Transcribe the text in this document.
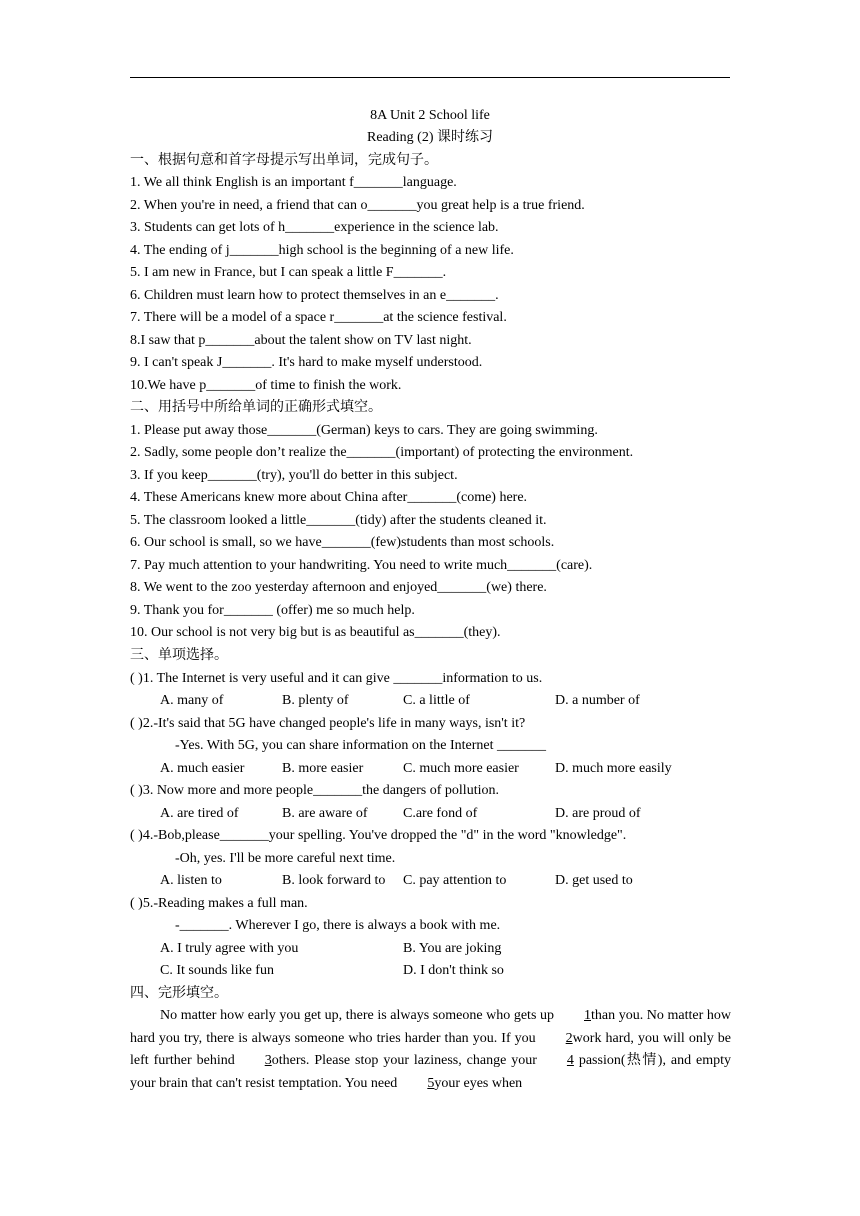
8A Unit 2 School life
Reading (2) 课时练习
一、根据句意和首字母提示写出单词，完成句子。
1. We all think English is an important f_______language.
2. When you're in need, a friend that can o_______you great help is a true friend.
3. Students can get lots of h_______experience in the science lab.
4. The ending of j_______high school is the beginning of a new life.
5. I am new in France, but I can speak a little F_______.
6. Children must learn how to protect themselves in an e_______.
7. There will be a model of a space r_______at the science festival.
8.I saw that p_______about the talent show on TV last night.
9. I can't speak J_______. It's hard to make myself understood.
10.We have p_______of time to finish the work.
二、用括号中所给单词的正确形式填空。
1. Please put away those_______(German) keys to cars. They are going swimming.
2. Sadly, some people don’t realize the_______(important) of protecting the environment.
3. If you keep_______(try), you'll do better in this subject.
4. These Americans knew more about China after_______(come) here.
5. The classroom looked a little_______(tidy) after the students cleaned it.
6. Our school is small, so we have_______(few)students than most schools.
7. Pay much attention to your handwriting. You need to write much_______(care).
8. We went to the zoo yesterday afternoon and enjoyed_______(we) there.
9. Thank you for_______ (offer) me so much help.
10. Our school is not very big but is as beautiful as_______(they).
三、单项选择。
( )1. The Internet is very useful and it can give _______information to us.
A. many of	B. plenty of	C. a little of	D. a number of
( )2.-It's said that 5G have changed people's life in many ways, isn't it?
-Yes. With 5G, you can share information on the Internet _______
A. much easier	B. more easier	C. much more easier	D. much more easily
( )3. Now more and more people_______the dangers of pollution.
A. are tired of	B. are aware of	C.are fond of	D. are proud of
( )4.-Bob,please_______your spelling. You've dropped the "d" in the word "knowledge".
-Oh, yes. I'll be more careful next time.
A. listen to	B. look forward to C. pay attention to	D. get used to
( )5.-Reading makes a full man.
-_______. Wherever I go, there is always a book with me.
A. I truly agree with you	B. You are joking
C. It sounds like fun	D. I don't think so
四、完形填空。
No matter how early you get up, there is always someone who gets up 1than you. No matter how hard you try, there is always someone who tries harder than you. If you 2work hard, you will only be left further behind 3others. Please stop your laziness, change your 4 passion(热情), and empty your brain that can't resist temptation. You need 5your eyes when
